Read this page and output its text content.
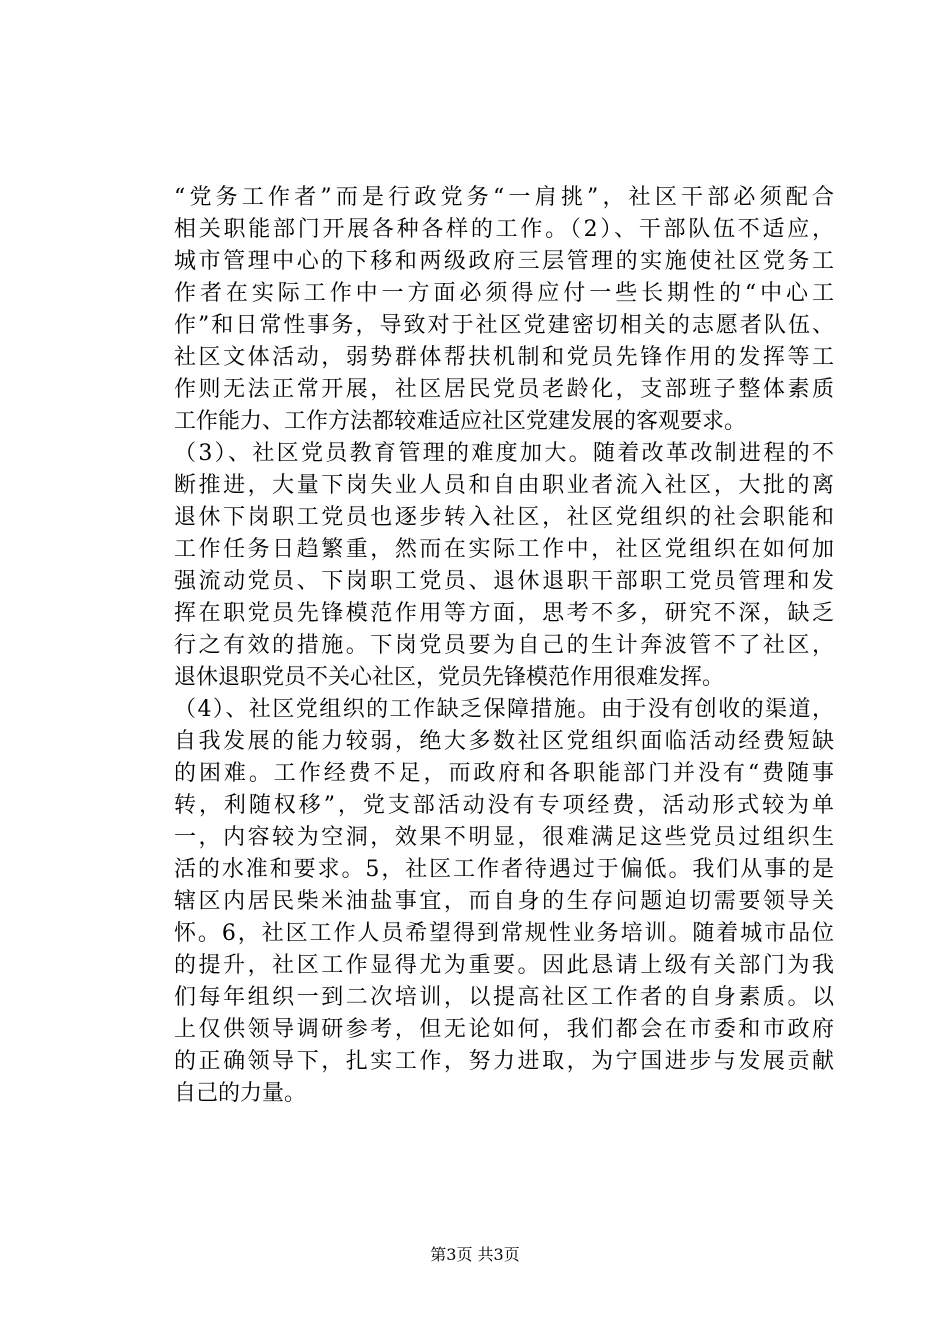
“党务工作者”而是行政党务“一肩挑”，社区干部必须配合
相关职能部门开展各种各样的工作。（2）、干部队伍不适应，
城市管理中心的下移和两级政府三层管理的实施使社区党务工
作者在实际工作中一方面必须得应付一些长期性的“中心工
作”和日常性事务，导致对于社区党建密切相关的志愿者队伍、
社区文体活动，弱势群体帮扶机制和党员先锋作用的发挥等工
作则无法正常开展，社区居民党员老龄化，支部班子整体素质
工作能力、工作方法都较难适应社区党建发展的客观要求。
（3）、社区党员教育管理的难度加大。随着改革改制进程的不
断推进，大量下岗失业人员和自由职业者流入社区，大批的离
退休下岗职工党员也逐步转入社区，社区党组织的社会职能和
工作任务日趋繁重，然而在实际工作中，社区党组织在如何加
强流动党员、下岗职工党员、退休退职干部职工党员管理和发
挥在职党员先锋模范作用等方面，思考不多，研究不深，缺乏
行之有效的措施。下岗党员要为自己的生计奔波管不了社区，
退休退职党员不关心社区，党员先锋模范作用很难发挥。
（4）、社区党组织的工作缺乏保障措施。由于没有创收的渠道，
自我发展的能力较弱，绝大多数社区党组织面临活动经费短缺
的困难。工作经费不足，而政府和各职能部门并没有“费随事
转，利随权移”，党支部活动没有专项经费，活动形式较为单
一，内容较为空洞，效果不明显，很难满足这些党员过组织生
活的水准和要求。5，社区工作者待遇过于偏低。我们从事的是
辖区内居民柴米油盐事宜，而自身的生存问题迫切需要领导关
怀。6，社区工作人员希望得到常规性业务培训。随着城市品位
的提升，社区工作显得尤为重要。因此恳请上级有关部门为我
们每年组织一到二次培训，以提高社区工作者的自身素质。以
上仅供领导调研参考，但无论如何，我们都会在市委和市政府
的正确领导下，扎实工作，努力进取，为宁国进步与发展贡献
自己的力量。
第3页 共3页
